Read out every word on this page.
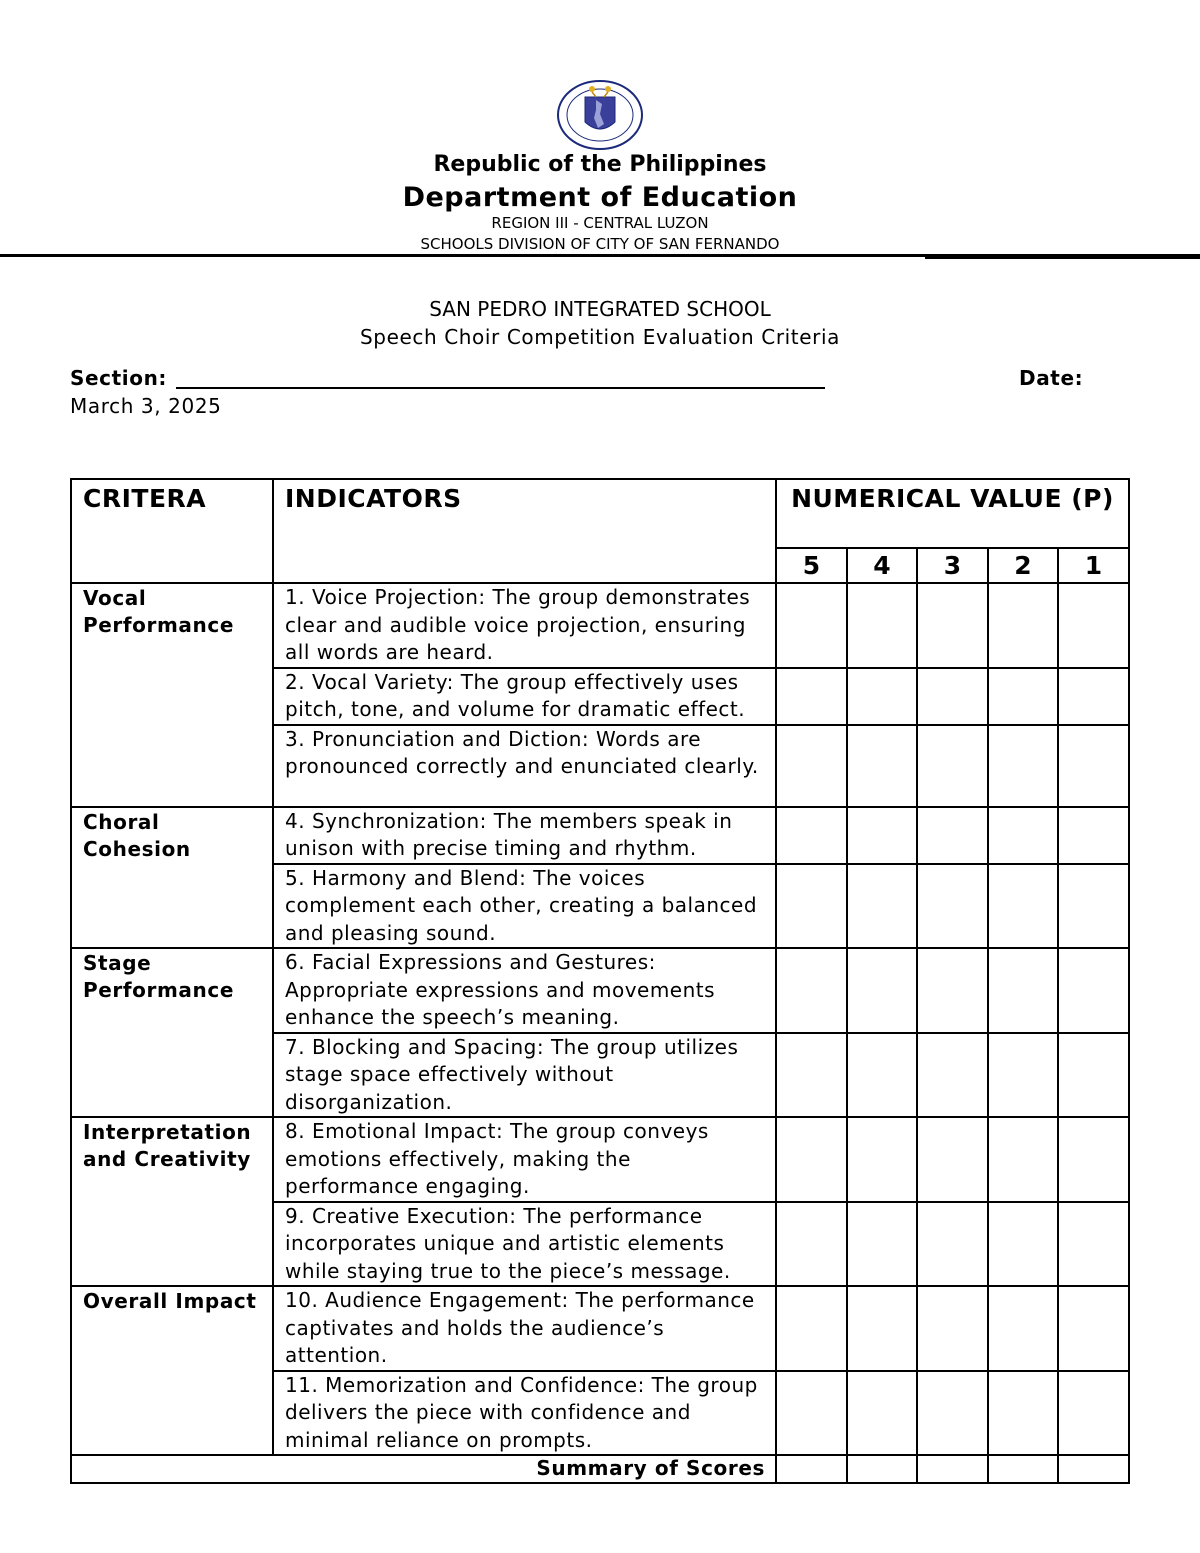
Republic of the Philippines
Department of Education
REGION III - CENTRAL LUZON
SCHOOLS DIVISION OF CITY OF SAN FERNANDO
SAN PEDRO INTEGRATED SCHOOL
Speech Choir Competition Evaluation Criteria
Section:	Date:
March 3, 2025
CRITERA	INDICATORS	NUMERICAL VALUE (P)				
		5	4	3	2	1
Vocal Performance	1. Voice Projection: The group demonstrates clear and audible voice projection, ensuring all words are heard.					
	2. Vocal Variety: The group effectively uses pitch, tone, and volume for dramatic effect.					
	3. Pronunciation and Diction: Words are pronounced correctly and enunciated clearly.					
Choral Cohesion	4. Synchronization: The members speak in unison with precise timing and rhythm.					
	5. Harmony and Blend: The voices complement each other, creating a balanced and pleasing sound.					
Stage Performance	6. Facial Expressions and Gestures: Appropriate expressions and movements enhance the speech’s meaning.					
	7. Blocking and Spacing: The group utilizes stage space effectively without disorganization.					
Interpretation and Creativity	8. Emotional Impact: The group conveys emotions effectively, making the performance engaging.					
	9. Creative Execution: The performance incorporates unique and artistic elements while staying true to the piece’s message.					
Overall Impact	10. Audience Engagement: The performance captivates and holds the audience’s attention.					
	11. Memorization and Confidence: The group delivers the piece with confidence and minimal reliance on prompts.					
Summary of Scores						
